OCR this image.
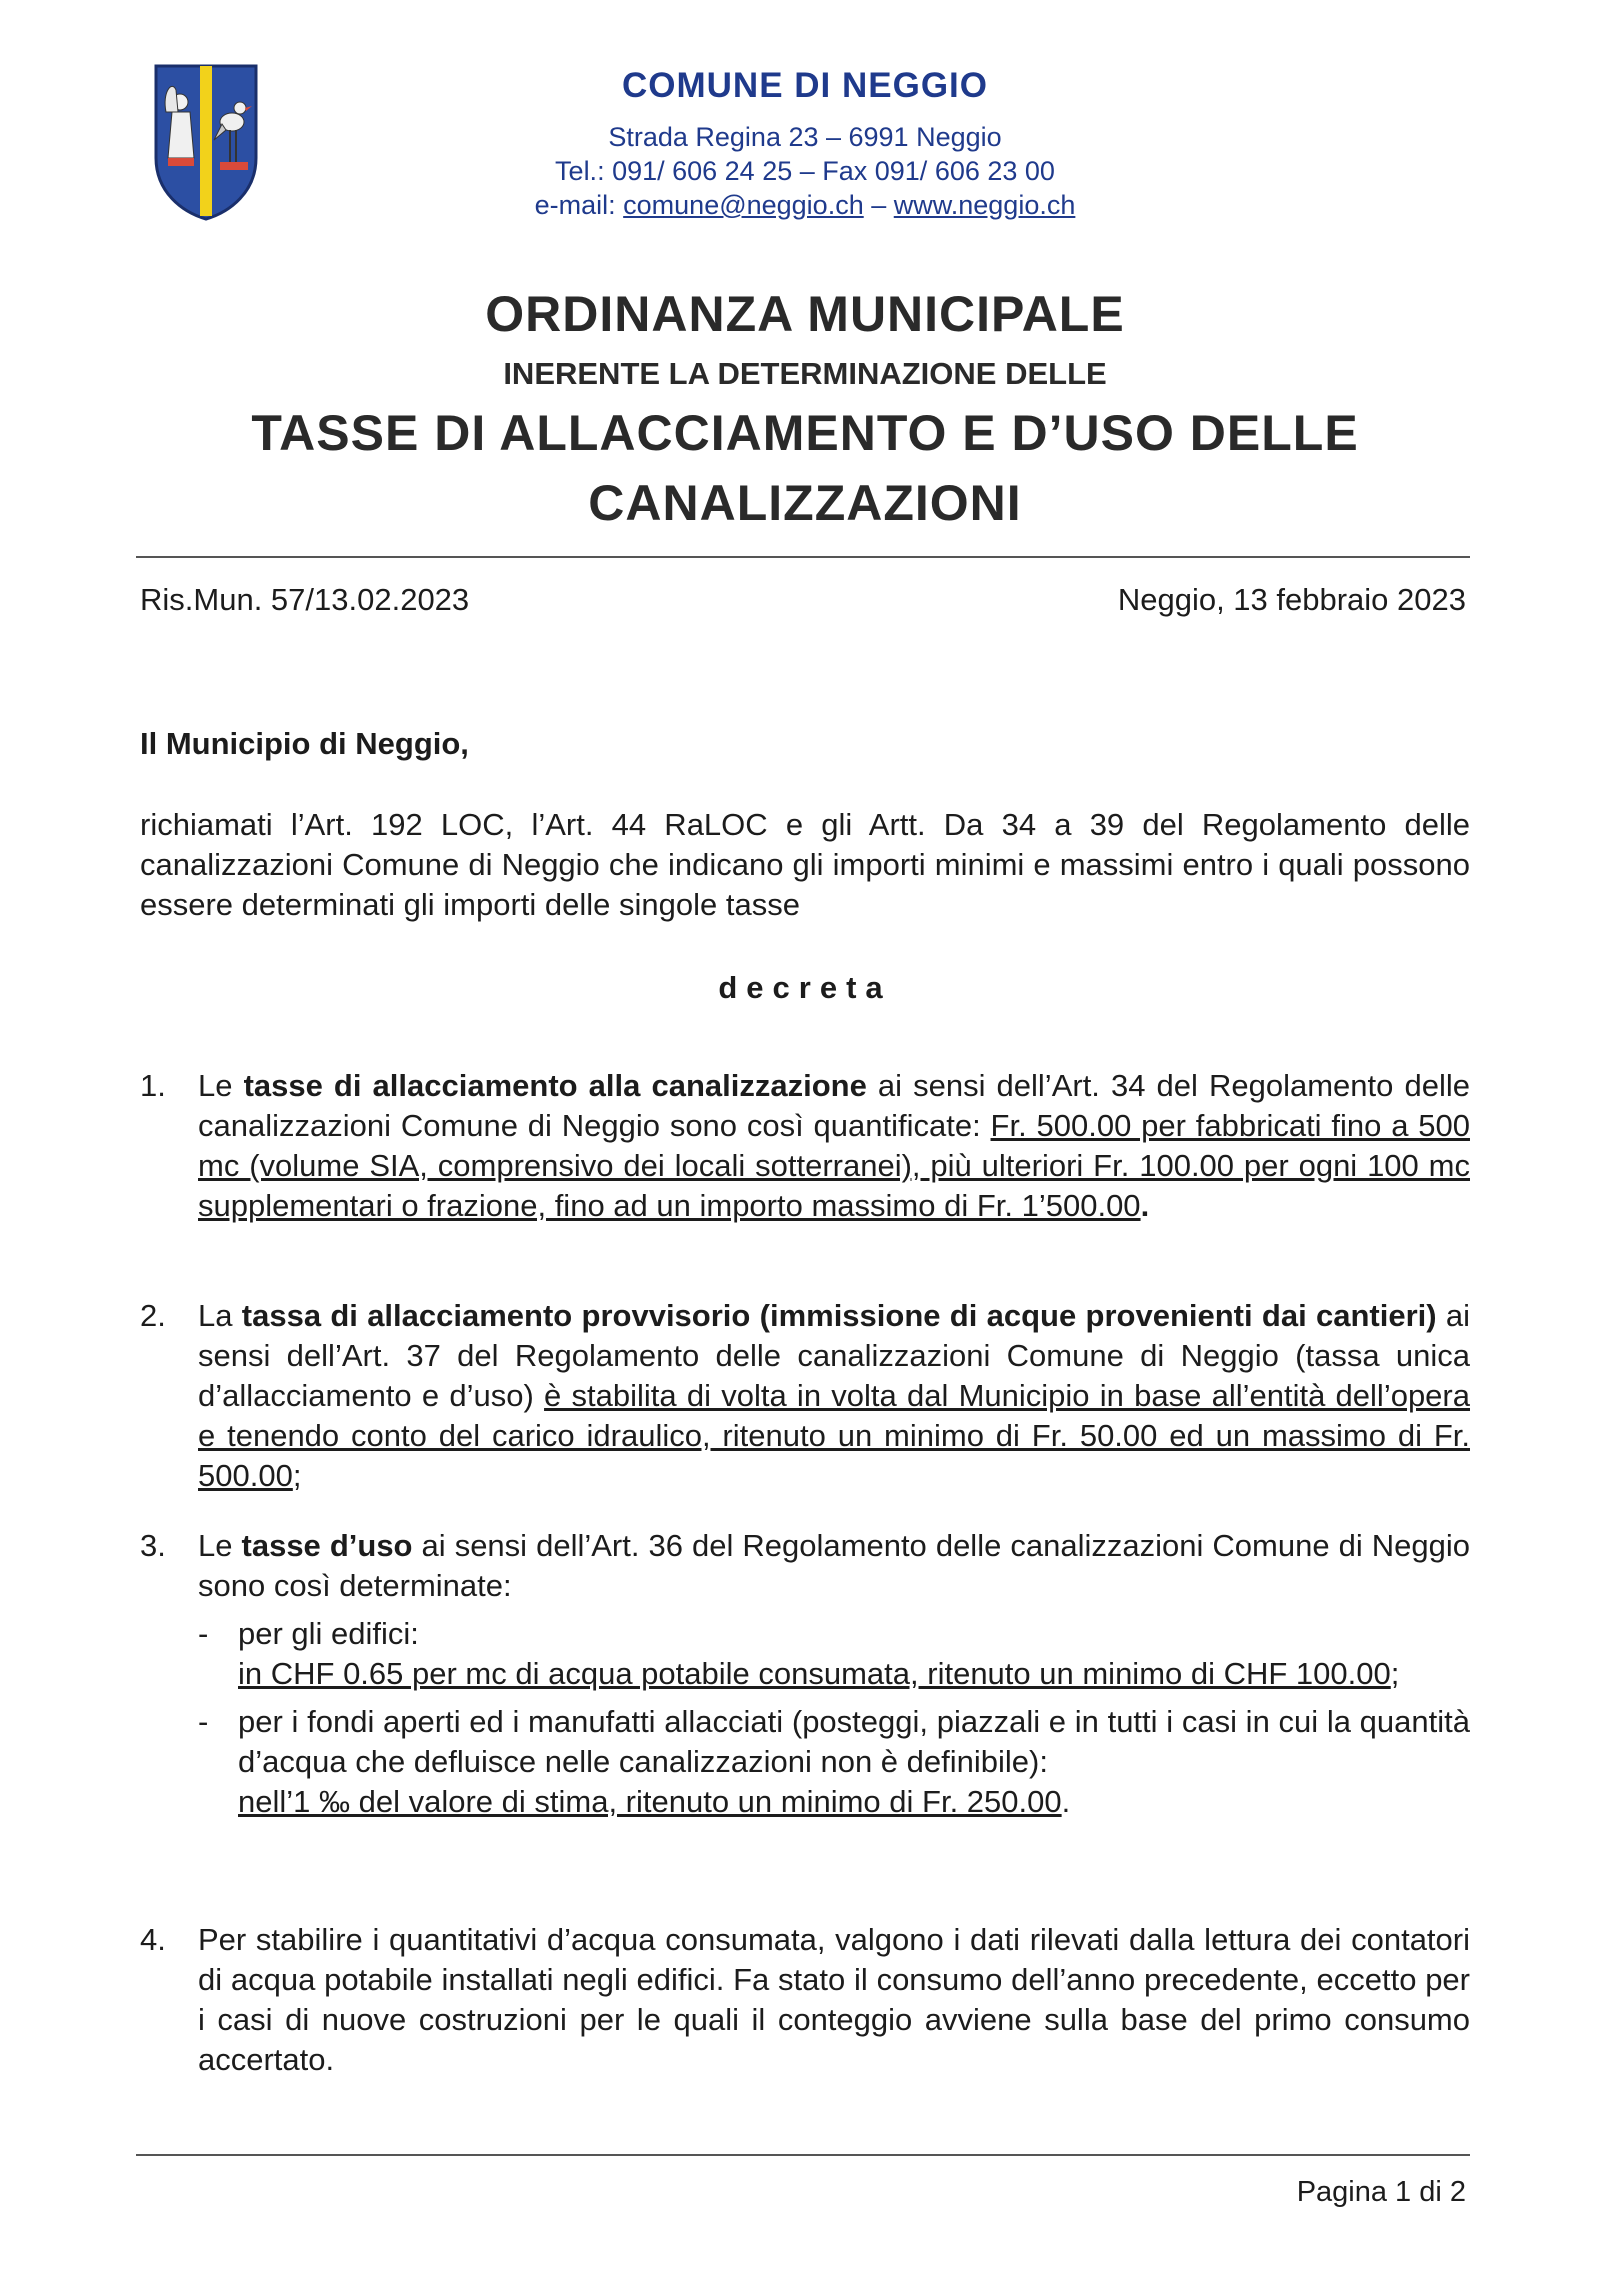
COMUNE DI NEGGIO
Strada Regina 23 – 6991 Neggio
Tel.: 091/ 606 24 25 – Fax 091/ 606 23 00
e-mail: comune@neggio.ch – www.neggio.ch
ORDINANZA MUNICIPALE
INERENTE LA DETERMINAZIONE DELLE
TASSE DI ALLACCIAMENTO E D’USO DELLE
CANALIZZAZIONI
Ris.Mun. 57/13.02.2023	Neggio, 13 febbraio 2023
Il Municipio di Neggio,
richiamati l’Art. 192 LOC, l’Art. 44 RaLOC e gli Artt. Da 34 a 39 del Regolamento delle canalizzazioni Comune di Neggio che indicano gli importi minimi e massimi entro i quali possono essere determinati gli importi delle singole tasse
decreta
1. Le tasse di allacciamento alla canalizzazione ai sensi dell’Art. 34 del Regolamento delle canalizzazioni Comune di Neggio sono così quantificate: Fr. 500.00 per fabbricati fino a 500 mc (volume SIA, comprensivo dei locali sotterranei), più ulteriori Fr. 100.00 per ogni 100 mc supplementari o frazione, fino ad un importo massimo di Fr. 1’500.00.
2. La tassa di allacciamento provvisorio (immissione di acque provenienti dai cantieri) ai sensi dell’Art. 37 del Regolamento delle canalizzazioni Comune di Neggio (tassa unica d’allacciamento e d’uso) è stabilita di volta in volta dal Municipio in base all’entità dell’opera e tenendo conto del carico idraulico, ritenuto un minimo di Fr. 50.00 ed un massimo di Fr. 500.00;
3. Le tasse d’uso ai sensi dell’Art. 36 del Regolamento delle canalizzazioni Comune di Neggio sono così determinate:
- per gli edifici:
in CHF 0.65 per mc di acqua potabile consumata, ritenuto un minimo di CHF 100.00;
- per i fondi aperti ed i manufatti allacciati (posteggi, piazzali e in tutti i casi in cui la quantità d’acqua che defluisce nelle canalizzazioni non è definibile):
nell’1 ‰ del valore di stima, ritenuto un minimo di Fr. 250.00.
4. Per stabilire i quantitativi d’acqua consumata, valgono i dati rilevati dalla lettura dei contatori di acqua potabile installati negli edifici. Fa stato il consumo dell’anno precedente, eccetto per i casi di nuove costruzioni per le quali il conteggio avviene sulla base del primo consumo accertato.
Pagina 1 di 2
